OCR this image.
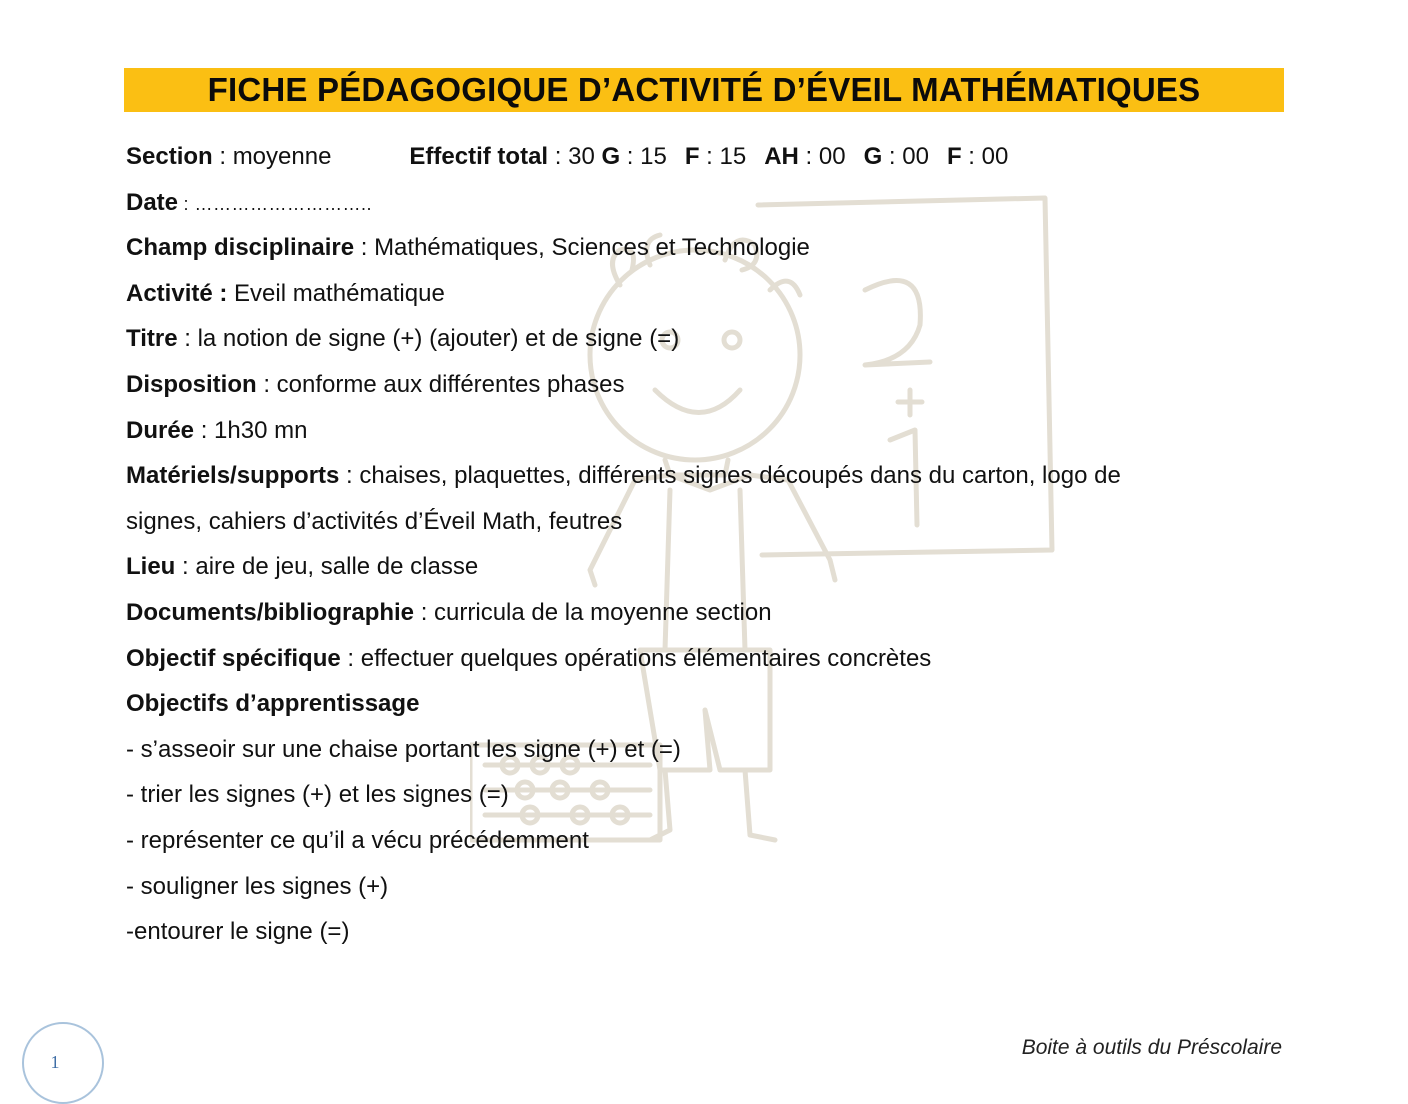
FICHE PÉDAGOGIQUE D’ACTIVITÉ D’ÉVEIL MATHÉMATIQUES
Section : moyenne	Effectif total : 30 G : 15 F : 15 AH : 00 G : 00 F : 00
Date : ………………………..
Champ disciplinaire : Mathématiques, Sciences et Technologie
Activité : Eveil mathématique
Titre : la notion de signe (+) (ajouter) et de signe (=)
Disposition : conforme aux différentes phases
Durée : 1h30 mn
Matériels/supports : chaises, plaquettes, différents signes découpés dans du carton, logo de
signes, cahiers d’activités d’Éveil Math, feutres
Lieu : aire de jeu, salle de classe
Documents/bibliographie : curricula de la moyenne section
Objectif spécifique : effectuer quelques opérations élémentaires concrètes
Objectifs d’apprentissage
- s’asseoir sur une chaise portant les signe (+) et (=)
- trier les signes (+) et les signes (=)
- représenter ce qu’il a vécu précédemment
- souligner les signes (+)
-entourer le signe (=)
Boite à outils du Préscolaire
1
